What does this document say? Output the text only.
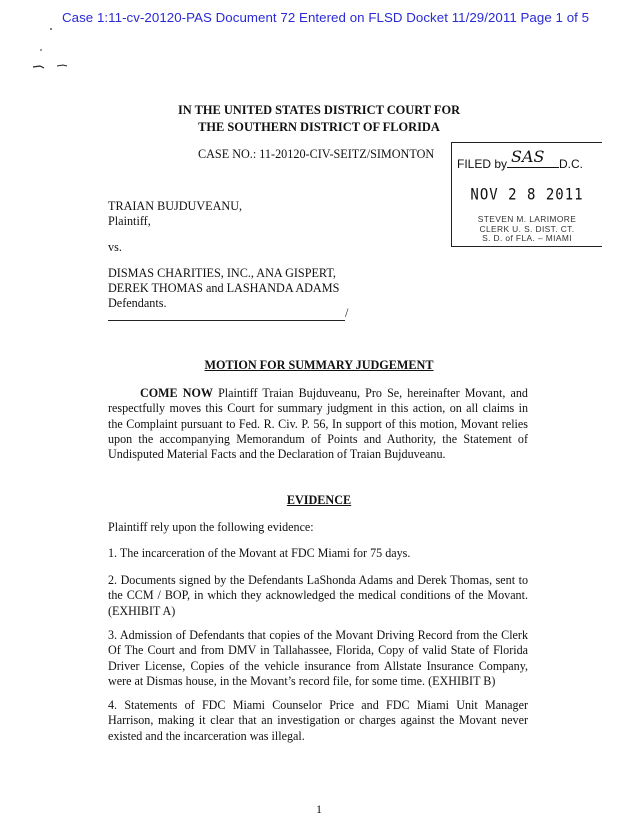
Case 1:11-cv-20120-PAS Document 72 Entered on FLSD Docket 11/29/2011 Page 1 of 5
IN THE UNITED STATES DISTRICT COURT FOR
THE SOUTHERN DISTRICT OF FLORIDA
CASE NO.: 11-20120-CIV-SEITZ/SIMONTON
FILED by SAS D.C.
NOV 2 8 2011
STEVEN M. LARIMORE
CLERK U. S. DIST. CT.
S. D. of FLA. – MIAMI
TRAIAN BUJDUVEANU,
Plaintiff,
vs.
DISMAS CHARITIES, INC., ANA GISPERT,
DEREK THOMAS and LASHANDA ADAMS
Defendants.
/
MOTION FOR SUMMARY JUDGEMENT
COME NOW Plaintiff Traian Bujduveanu, Pro Se, hereinafter Movant, and respectfully moves this Court for summary judgment in this action, on all claims in the Complaint pursuant to Fed. R. Civ. P. 56, In support of this motion, Movant relies upon the accompanying Memorandum of Points and Authority, the Statement of Undisputed Material Facts and the Declaration of Traian Bujduveanu.
EVIDENCE
Plaintiff rely upon the following evidence:
1. The incarceration of the Movant at FDC Miami for 75 days.
2. Documents signed by the Defendants LaShonda Adams and Derek Thomas, sent to the CCM / BOP, in which they acknowledged the medical conditions of the Movant. (EXHIBIT A)
3. Admission of Defendants that copies of the Movant Driving Record from the Clerk Of The Court and from DMV in Tallahassee, Florida, Copy of valid State of Florida Driver License, Copies of the vehicle insurance from Allstate Insurance Company, were at Dismas house, in the Movant’s record file, for some time. (EXHIBIT B)
4. Statements of FDC Miami Counselor Price and FDC Miami Unit Manager Harrison, making it clear that an investigation or charges against the Movant never existed and the incarceration was illegal.
1
